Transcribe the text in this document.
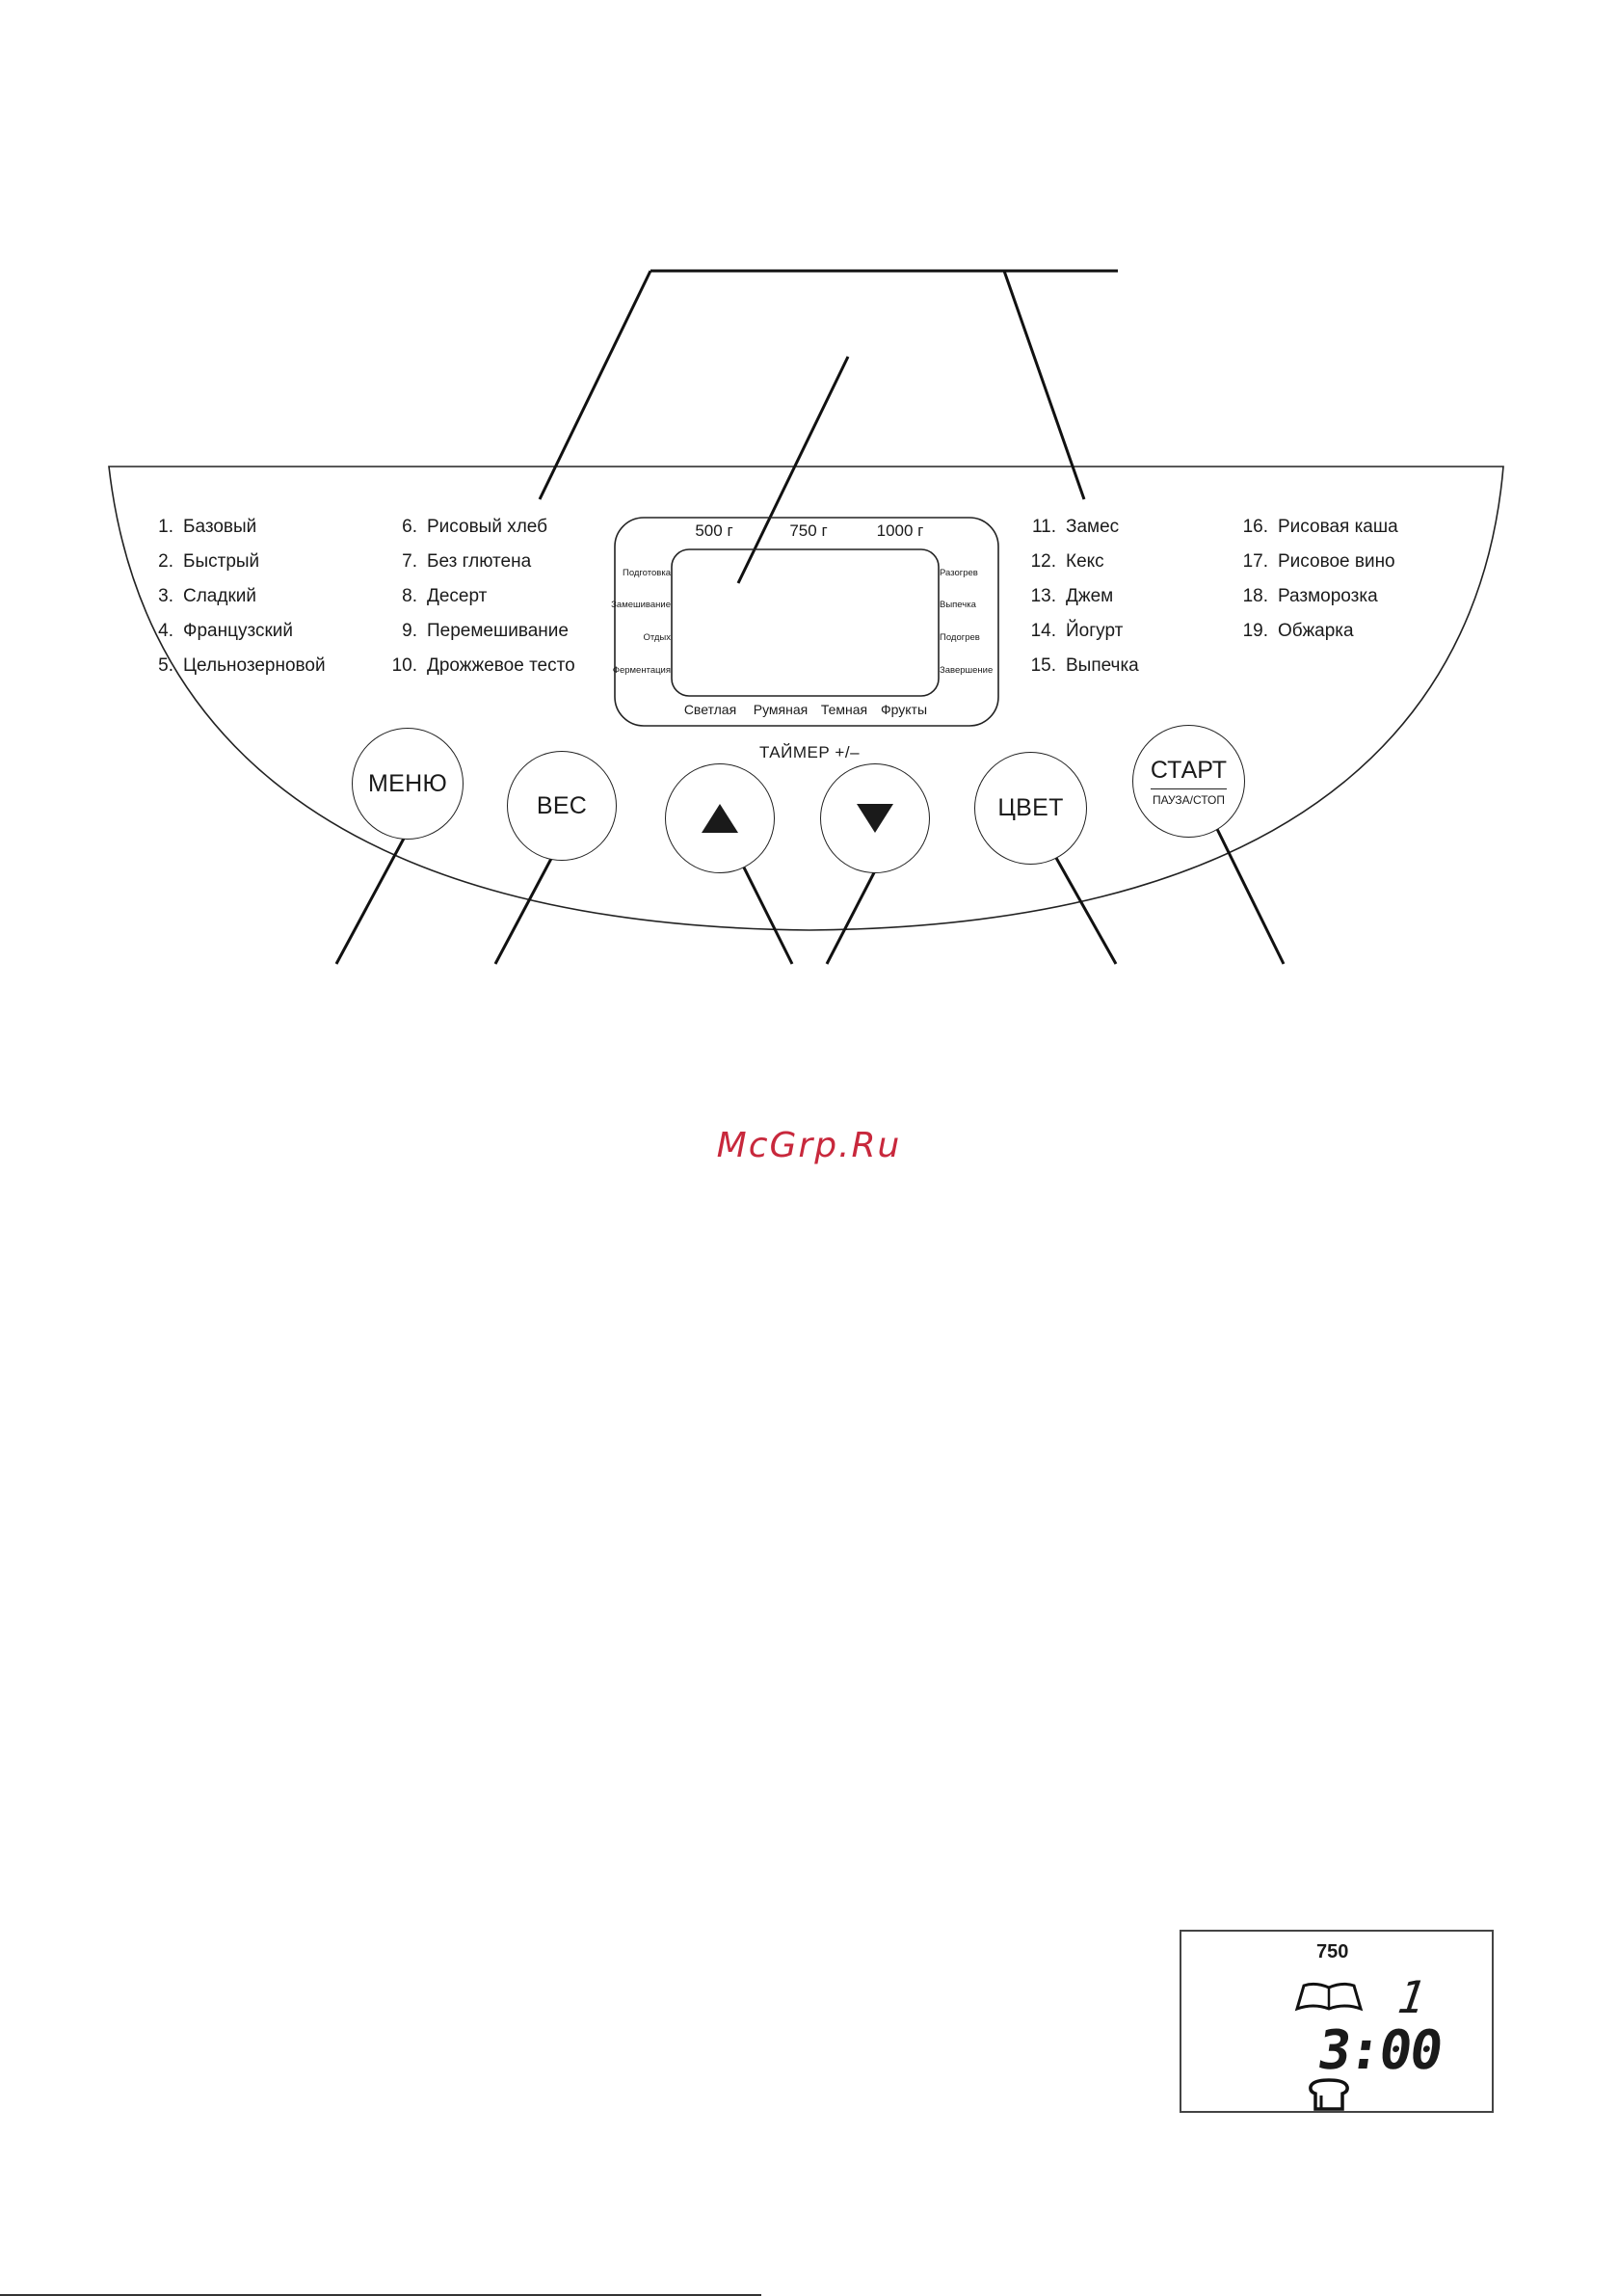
1. Базовый
2. Быстрый
3. Сладкий
4. Французский
5. Цельнозерновой
6. Рисовый хлеб
7. Без глютена
8. Десерт
9. Перемешивание
10. Дрожжевое тесто
11. Замес
12. Кекс
13. Джем
14. Йогурт
15. Выпечка
16. Рисовая каша
17. Рисовое вино
18. Разморозка
19. Обжарка
500 г	750 г	1000 г
Подготовка
Замешивание
Отдых
Ферментация
Разогрев
Выпечка
Подогрев
Завершение
Светлая Румяная Темная Фрукты
ТАЙМЕР +/–
МЕНЮ
ВЕС	ЦВЕТ
СТАРТ
ПАУЗА/СТОП
McGrp.Ru
750
1
3:00
